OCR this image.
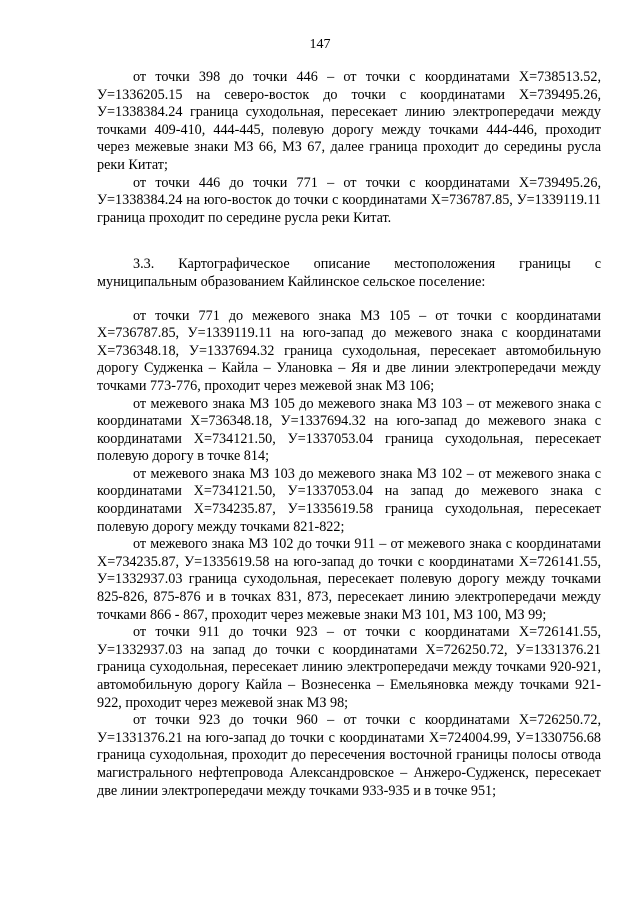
147

от точки 398 до точки 446 – от точки с координатами Х=738513.52, У=1336205.15 на северо-восток до точки с координатами Х=739495.26, У=1338384.24 граница суходольная, пересекает линию электропередачи между точками 409-410, 444-445, полевую дорогу между точками 444-446, проходит через межевые знаки МЗ 66, МЗ 67, далее граница проходит до середины русла реки Китат;

от точки 446 до точки 771 – от точки с координатами Х=739495.26, У=1338384.24 на юго-восток до точки с координатами Х=736787.85, У=1339119.11 граница проходит по середине русла реки Китат.

3.3. Картографическое описание местоположения границы с муниципальным образованием Кайлинское сельское поселение:

от точки 771 до межевого знака МЗ 105 – от точки с координатами Х=736787.85, У=1339119.11 на юго-запад до межевого знака с координатами Х=736348.18, У=1337694.32 граница суходольная, пересекает автомобильную дорогу Судженка – Кайла – Улановка – Яя и две линии электропередачи между точками 773-776, проходит через межевой знак МЗ 106;

от межевого знака МЗ 105 до межевого знака МЗ 103 – от межевого знака с координатами Х=736348.18, У=1337694.32 на юго-запад до межевого знака с координатами Х=734121.50, У=1337053.04 граница суходольная, пересекает полевую дорогу в точке 814;

от межевого знака МЗ 103 до межевого знака МЗ 102 – от межевого знака с координатами Х=734121.50, У=1337053.04 на запад до межевого знака с координатами Х=734235.87, У=1335619.58 граница суходольная, пересекает полевую дорогу между точками 821-822;

от межевого знака МЗ 102 до точки 911 – от межевого знака с координатами Х=734235.87, У=1335619.58 на юго-запад до точки с координатами Х=726141.55, У=1332937.03 граница суходольная, пересекает полевую дорогу между точками 825-826, 875-876 и в точках 831, 873, пересекает линию электропередачи между точками 866 - 867, проходит через межевые знаки МЗ 101, МЗ 100, МЗ 99;

от точки 911 до точки 923 – от точки с координатами Х=726141.55, У=1332937.03 на запад до точки с координатами Х=726250.72, У=1331376.21 граница суходольная, пересекает линию электропередачи между точками 920-921, автомобильную дорогу Кайла – Вознесенка – Емельяновка между точками 921-922, проходит через межевой знак МЗ 98;

от точки 923 до точки 960 – от точки с координатами Х=726250.72, У=1331376.21 на юго-запад до точки с координатами Х=724004.99, У=1330756.68 граница суходольная, проходит до пересечения восточной границы полосы отвода магистрального нефтепровода Александровское – Анжеро-Судженск, пересекает две линии электропередачи между точками 933-935 и в точке 951;
